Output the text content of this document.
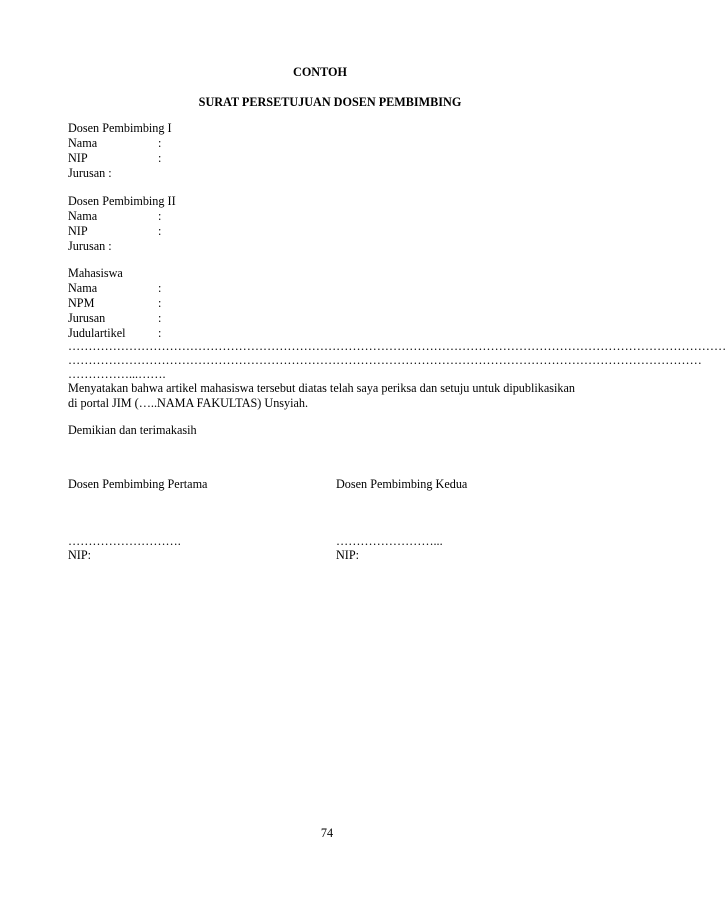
CONTOH
SURAT PERSETUJUAN DOSEN PEMBIMBING
Dosen Pembimbing I
Nama	:
NIP	:
Jurusan :
Dosen Pembimbing II
Nama	:
NIP	:
Jurusan :
Mahasiswa
Nama	:
NPM	:
Jurusan	:
Judulartikel	:
………………………………………………………………………………………………………………………………………………
…………………………………………………………………………………………………………………………………………
……………...…….
Menyatakan bahwa artikel mahasiswa tersebut diatas telah saya periksa dan setuju untuk dipublikasikan
di portal JIM (…..NAMA FAKULTAS) Unsyiah.
Demikian dan terimakasih
Dosen Pembimbing Pertama	Dosen Pembimbing Kedua
……………………….	……………………...
NIP:	NIP:
74
